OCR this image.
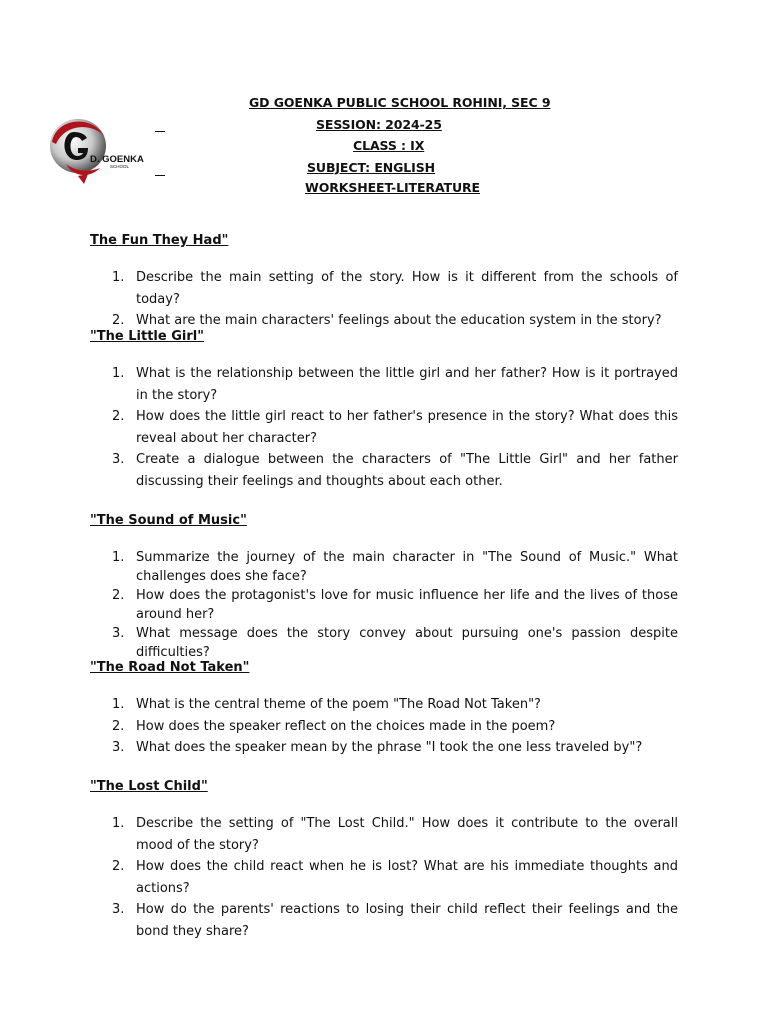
D. GOENKA
SCHOOL
GD GOENKA PUBLIC SCHOOL ROHINI, SEC 9
SESSION: 2024-25
CLASS : IX
SUBJECT: ENGLISH
WORKSHEET-LITERATURE
The Fun They Had"
1. Describe the main setting of the story. How is it different from the schools of today?
2. What are the main characters' feelings about the education system in the story?
"The Little Girl"
1. What is the relationship between the little girl and her father? How is it portrayed in the story?
2. How does the little girl react to her father's presence in the story? What does this reveal about her character?
3. Create a dialogue between the characters of "The Little Girl" and her father discussing their feelings and thoughts about each other.
"The Sound of Music"
1. Summarize the journey of the main character in "The Sound of Music." What challenges does she face?
2. How does the protagonist's love for music influence her life and the lives of those around her?
3. What message does the story convey about pursuing one's passion despite difficulties?
"The Road Not Taken"
1. What is the central theme of the poem "The Road Not Taken"?
2. How does the speaker reflect on the choices made in the poem?
3. What does the speaker mean by the phrase "I took the one less traveled by"?
"The Lost Child"
1. Describe the setting of "The Lost Child." How does it contribute to the overall mood of the story?
2. How does the child react when he is lost? What are his immediate thoughts and actions?
3. How do the parents' reactions to losing their child reflect their feelings and the bond they share?
